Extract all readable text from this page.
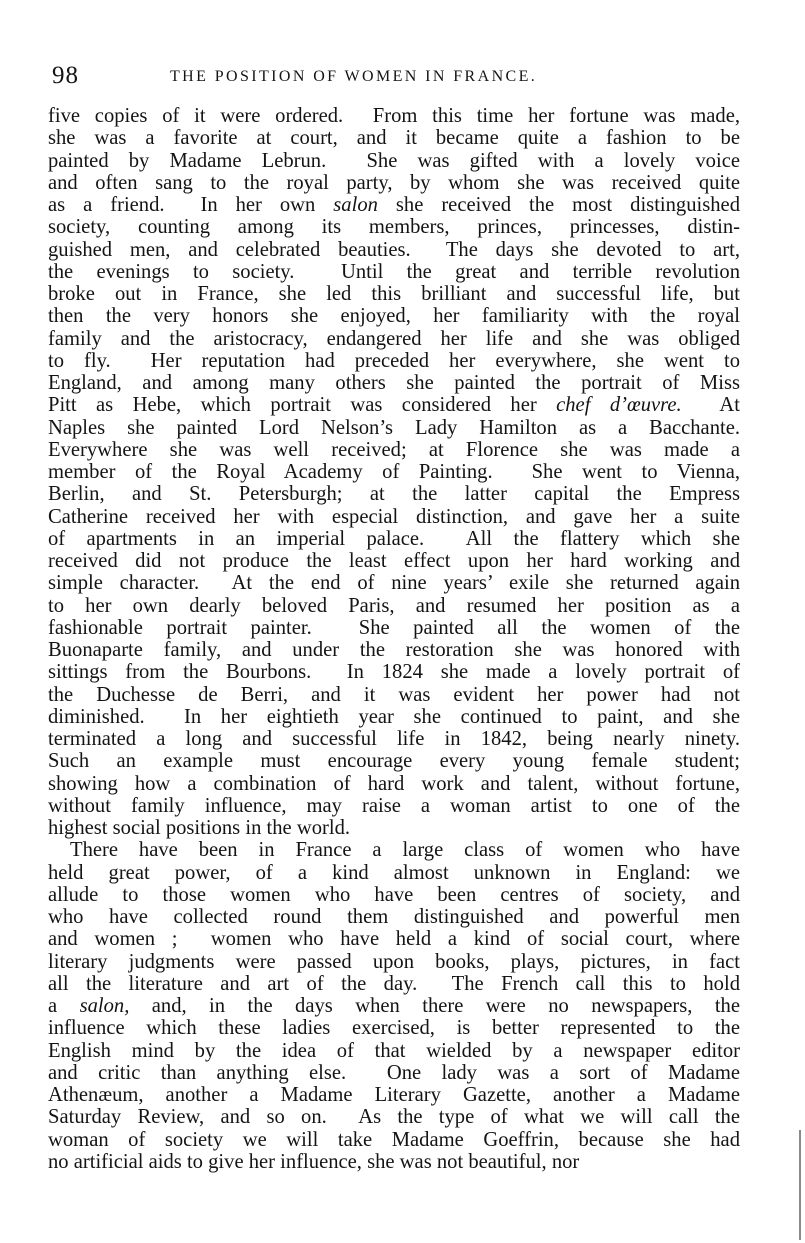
98	THE POSITION OF WOMEN IN FRANCE.
five copies of it were ordered.  From this time her fortune was made,
she was a favorite at court, and it became quite a fashion to be
painted by Madame Lebrun.  She was gifted with a lovely voice
and often sang to the royal party, by whom she was received quite
as a friend.  In her own salon she received the most distinguished
society, counting among its members, princes, princesses, distin-
guished men, and celebrated beauties.  The days she devoted to art,
the evenings to society.  Until the great and terrible revolution
broke out in France, she led this brilliant and successful life, but
then the very honors she enjoyed, her familiarity with the royal
family and the aristocracy, endangered her life and she was obliged
to fly.  Her reputation had preceded her everywhere, she went to
England, and among many others she painted the portrait of Miss
Pitt as Hebe, which portrait was considered her chef d’œuvre.  At
Naples she painted Lord Nelson’s Lady Hamilton as a Bacchante.
Everywhere she was well received; at Florence she was made a
member of the Royal Academy of Painting.  She went to Vienna,
Berlin, and St. Petersburgh; at the latter capital the Empress
Catherine received her with especial distinction, and gave her a suite
of apartments in an imperial palace.  All the flattery which she
received did not produce the least effect upon her hard working and
simple character.  At the end of nine years’ exile she returned again
to her own dearly beloved Paris, and resumed her position as a
fashionable portrait painter.  She painted all the women of the
Buonaparte family, and under the restoration she was honored with
sittings from the Bourbons.  In 1824 she made a lovely portrait of
the Duchesse de Berri, and it was evident her power had not
diminished.  In her eightieth year she continued to paint, and she
terminated a long and successful life in 1842, being nearly ninety.
Such an example must encourage every young female student;
showing how a combination of hard work and talent, without fortune,
without family influence, may raise a woman artist to one of the
highest social positions in the world.
There have been in France a large class of women who have
held great power, of a kind almost unknown in England: we
allude to those women who have been centres of society, and
who have collected round them distinguished and powerful men
and women ;  women who have held a kind of social court, where
literary judgments were passed upon books, plays, pictures, in fact
all the literature and art of the day.  The French call this to hold
a salon, and, in the days when there were no newspapers, the
influence which these ladies exercised, is better represented to the
English mind by the idea of that wielded by a newspaper editor
and critic than anything else.  One lady was a sort of Madame
Athenæum, another a Madame Literary Gazette, another a Madame
Saturday Review, and so on.  As the type of what we will call the
woman of society we will take Madame Goeffrin, because she had
no artificial aids to give her influence, she was not beautiful, nor
